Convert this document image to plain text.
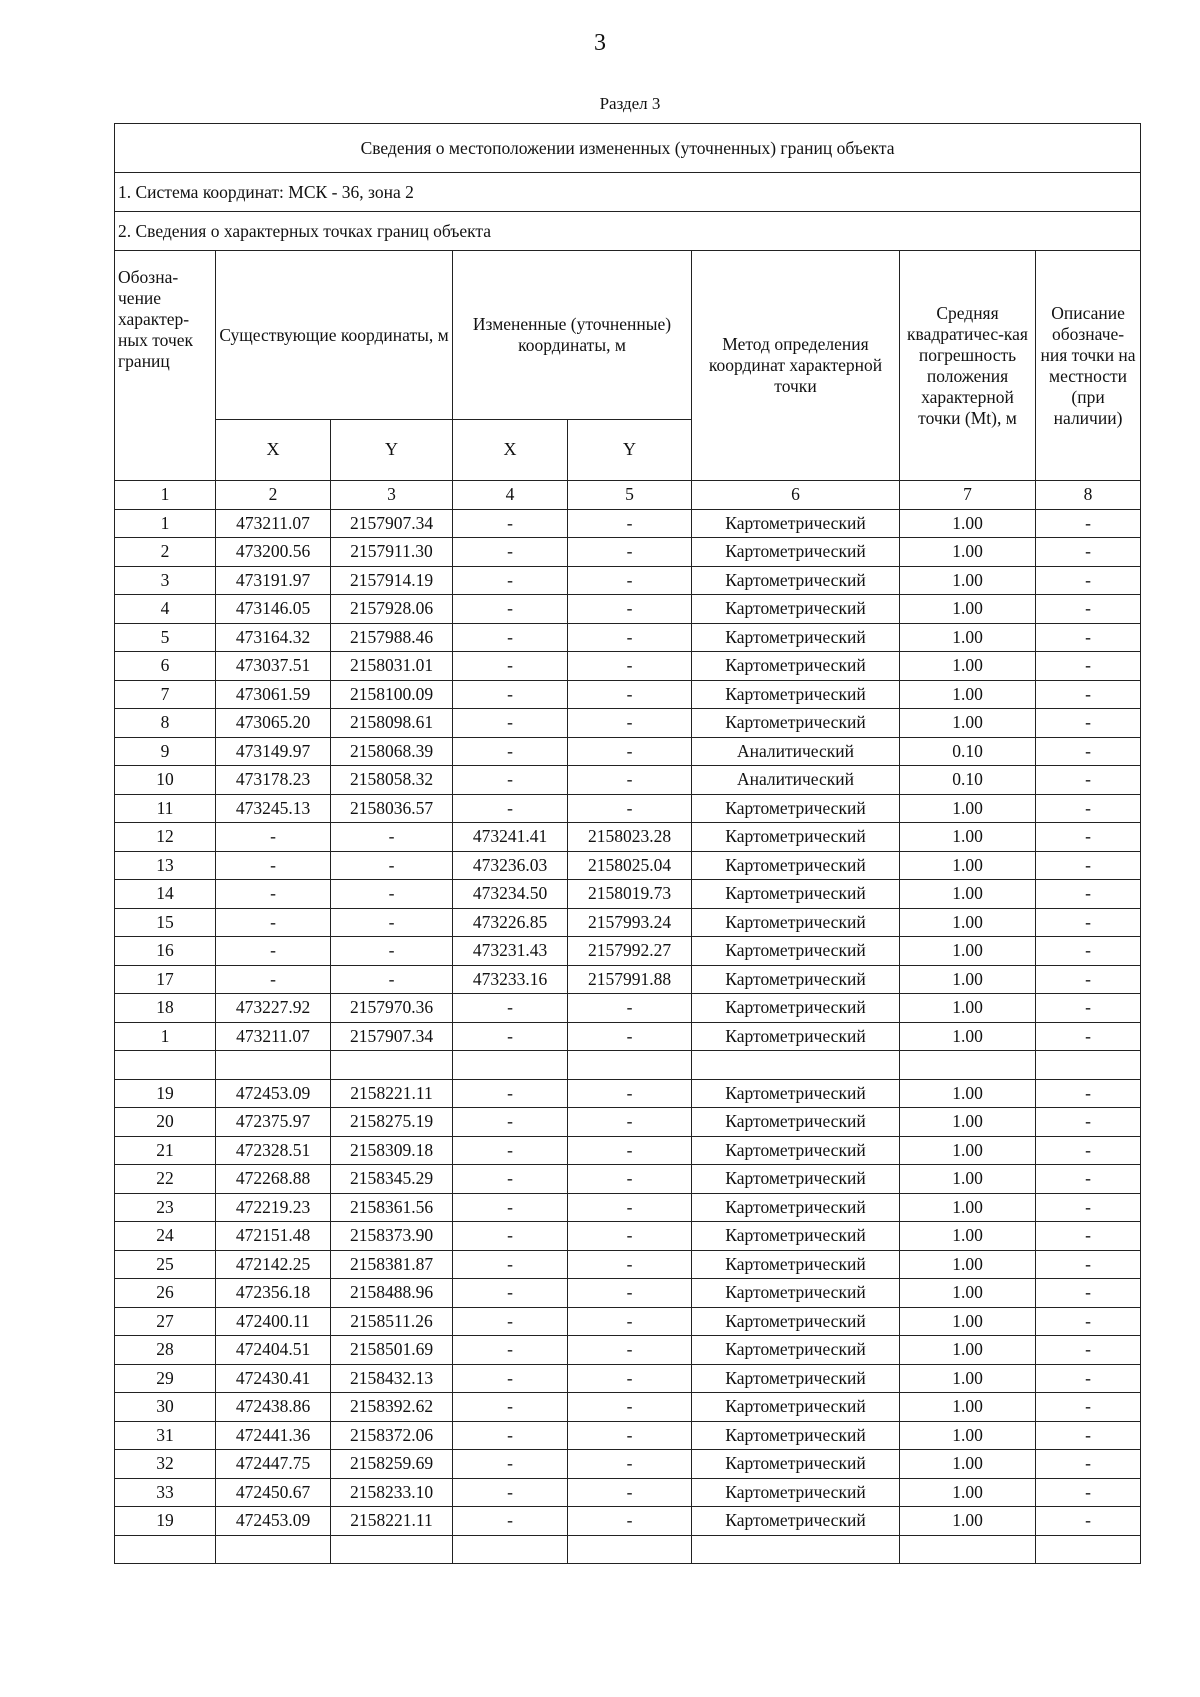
3
Раздел 3
Сведения о местоположении измененных (уточненных) границ объекта							
1. Система координат: МСК - 36, зона 2							
2. Сведения о характерных точках границ объекта							
Обозна-чение характер-ных точек границ	Существующие координаты, м		Измененные (уточненные) координаты, м		Метод определения координат характерной точки	Средняя квадратичес-кая погрешность положения характерной точки (Mt), м	Описание обозначе-ния точки на местности (при наличии)
	X	Y	X	Y			
1	2	3	4	5	6	7	8
1	473211.07	2157907.34	-	-	Картометрический	1.00	-
2	473200.56	2157911.30	-	-	Картометрический	1.00	-
3	473191.97	2157914.19	-	-	Картометрический	1.00	-
4	473146.05	2157928.06	-	-	Картометрический	1.00	-
5	473164.32	2157988.46	-	-	Картометрический	1.00	-
6	473037.51	2158031.01	-	-	Картометрический	1.00	-
7	473061.59	2158100.09	-	-	Картометрический	1.00	-
8	473065.20	2158098.61	-	-	Картометрический	1.00	-
9	473149.97	2158068.39	-	-	Аналитический	0.10	-
10	473178.23	2158058.32	-	-	Аналитический	0.10	-
11	473245.13	2158036.57	-	-	Картометрический	1.00	-
12	-	-	473241.41	2158023.28	Картометрический	1.00	-
13	-	-	473236.03	2158025.04	Картометрический	1.00	-
14	-	-	473234.50	2158019.73	Картометрический	1.00	-
15	-	-	473226.85	2157993.24	Картометрический	1.00	-
16	-	-	473231.43	2157992.27	Картометрический	1.00	-
17	-	-	473233.16	2157991.88	Картометрический	1.00	-
18	473227.92	2157970.36	-	-	Картометрический	1.00	-
1	473211.07	2157907.34	-	-	Картометрический	1.00	-

19	472453.09	2158221.11	-	-	Картометрический	1.00	-
20	472375.97	2158275.19	-	-	Картометрический	1.00	-
21	472328.51	2158309.18	-	-	Картометрический	1.00	-
22	472268.88	2158345.29	-	-	Картометрический	1.00	-
23	472219.23	2158361.56	-	-	Картометрический	1.00	-
24	472151.48	2158373.90	-	-	Картометрический	1.00	-
25	472142.25	2158381.87	-	-	Картометрический	1.00	-
26	472356.18	2158488.96	-	-	Картометрический	1.00	-
27	472400.11	2158511.26	-	-	Картометрический	1.00	-
28	472404.51	2158501.69	-	-	Картометрический	1.00	-
29	472430.41	2158432.13	-	-	Картометрический	1.00	-
30	472438.86	2158392.62	-	-	Картометрический	1.00	-
31	472441.36	2158372.06	-	-	Картометрический	1.00	-
32	472447.75	2158259.69	-	-	Картометрический	1.00	-
33	472450.67	2158233.10	-	-	Картометрический	1.00	-
19	472453.09	2158221.11	-	-	Картометрический	1.00	-
